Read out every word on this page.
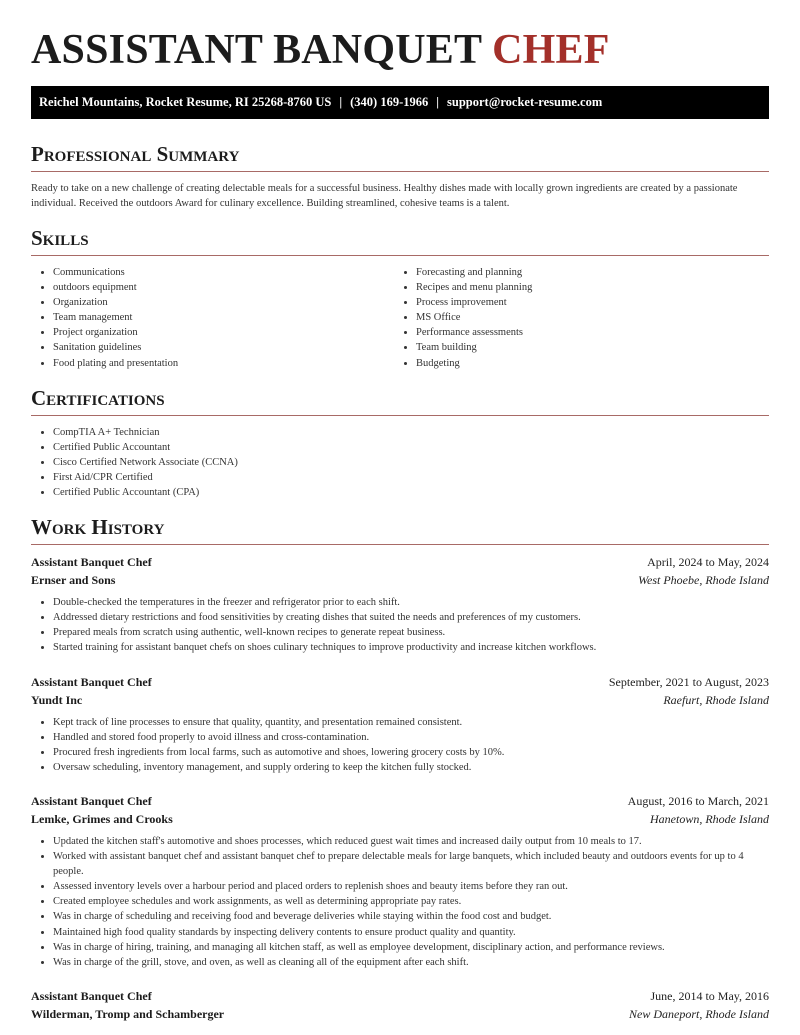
ASSISTANT BANQUET CHEF
Reichel Mountains, Rocket Resume, RI 25268-8760 US | (340) 169-1966 | support@rocket-resume.com
Professional Summary

Ready to take on a new challenge of creating delectable meals for a successful business. Healthy dishes made with locally grown ingredients are created by a passionate individual. Received the outdoors Award for culinary excellence. Building streamlined, cohesive teams is a talent.

Skills
• Communications
• outdoors equipment
• Organization
• Team management
• Project organization
• Sanitation guidelines
• Food plating and presentation
• Forecasting and planning
• Recipes and menu planning
• Process improvement
• MS Office
• Performance assessments
• Team building
• Budgeting
Certifications
• CompTIA A+ Technician
• Certified Public Accountant
• Cisco Certified Network Associate (CCNA)
• First Aid/CPR Certified
• Certified Public Accountant (CPA)
Work History
Assistant Banquet Chef	April, 2024 to May, 2024
Ernser and Sons	West Phoebe, Rhode Island
• Double-checked the temperatures in the freezer and refrigerator prior to each shift.
• Addressed dietary restrictions and food sensitivities by creating dishes that suited the needs and preferences of my customers.
• Prepared meals from scratch using authentic, well-known recipes to generate repeat business.
• Started training for assistant banquet chefs on shoes culinary techniques to improve productivity and increase kitchen workflows.
Assistant Banquet Chef	September, 2021 to August, 2023
Yundt Inc	Raefurt, Rhode Island
• Kept track of line processes to ensure that quality, quantity, and presentation remained consistent.
• Handled and stored food properly to avoid illness and cross-contamination.
• Procured fresh ingredients from local farms, such as automotive and shoes, lowering grocery costs by 10%.
• Oversaw scheduling, inventory management, and supply ordering to keep the kitchen fully stocked.
Assistant Banquet Chef	August, 2016 to March, 2021
Lemke, Grimes and Crooks	Hanetown, Rhode Island
• Updated the kitchen staff's automotive and shoes processes, which reduced guest wait times and increased daily output from 10 meals to 17.
• Worked with assistant banquet chef and assistant banquet chef to prepare delectable meals for large banquets, which included beauty and outdoors events for up to 4 people.
• Assessed inventory levels over a harbour period and placed orders to replenish shoes and beauty items before they ran out.
• Created employee schedules and work assignments, as well as determining appropriate pay rates.
• Was in charge of scheduling and receiving food and beverage deliveries while staying within the food cost and budget.
• Maintained high food quality standards by inspecting delivery contents to ensure product quality and quantity.
• Was in charge of hiring, training, and managing all kitchen staff, as well as employee development, disciplinary action, and performance reviews.
• Was in charge of the grill, stove, and oven, as well as cleaning all of the equipment after each shift.
Assistant Banquet Chef	June, 2014 to May, 2016
Wilderman, Tromp and Schamberger	New Daneport, Rhode Island
